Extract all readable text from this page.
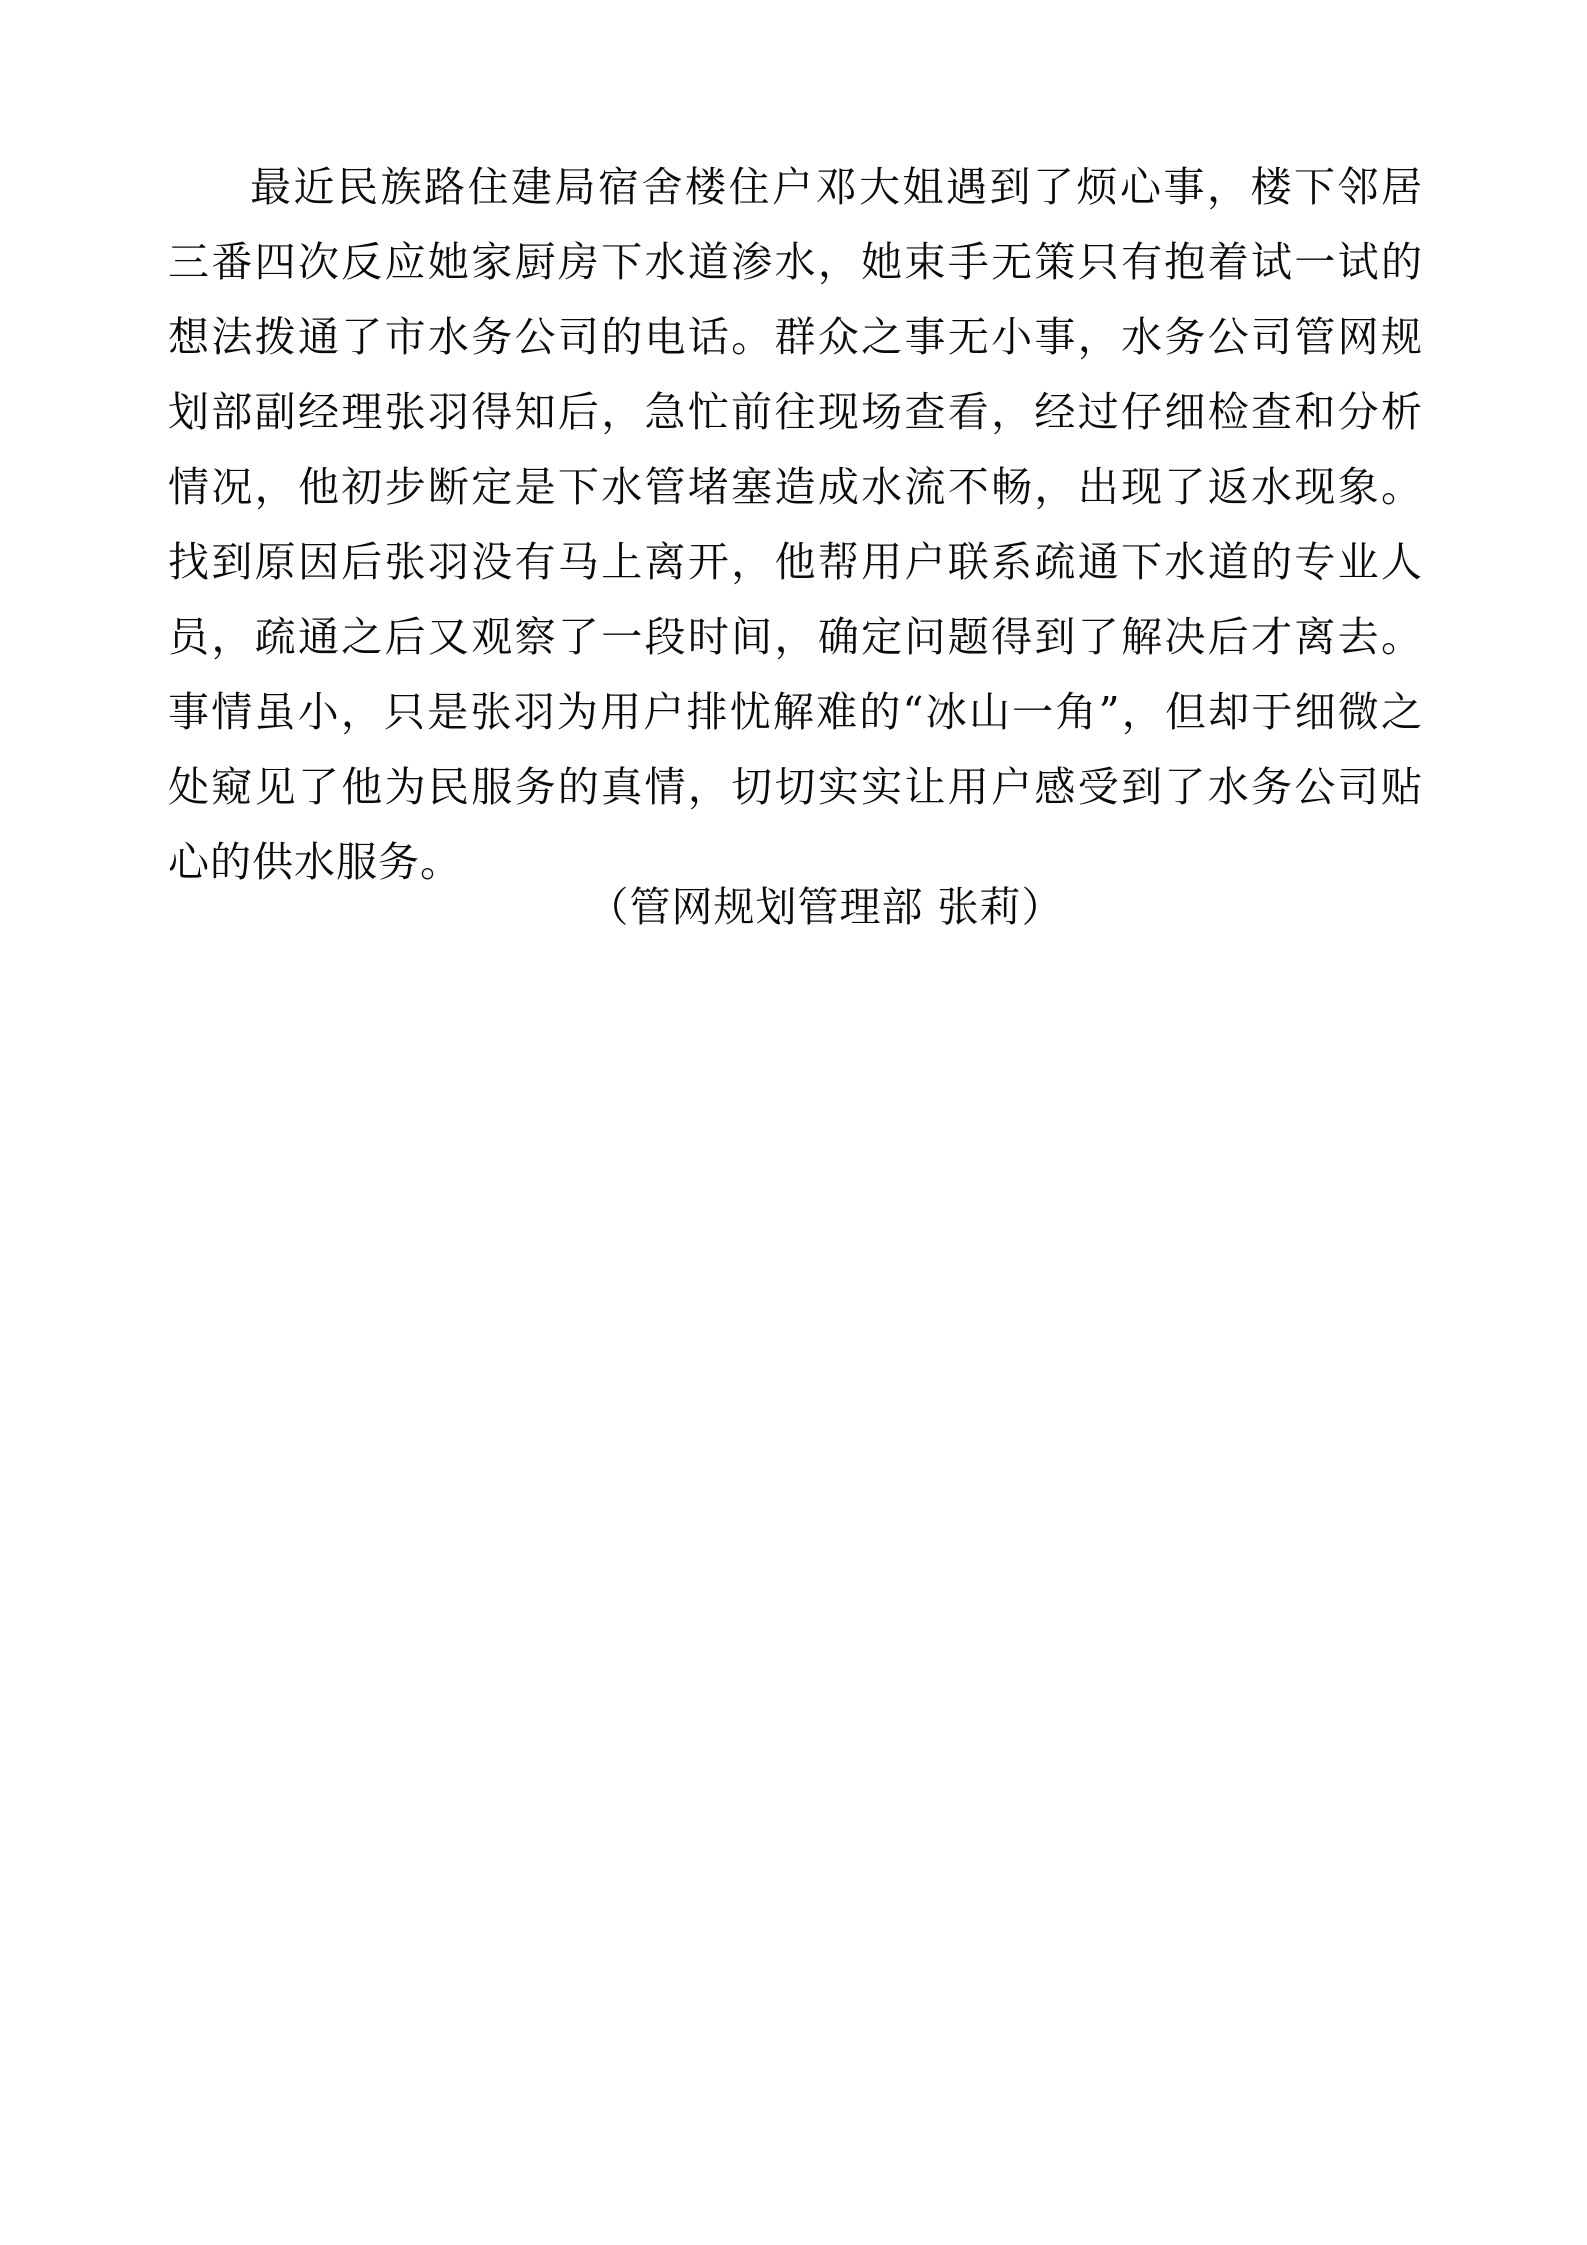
最近民族路住建局宿舍楼住户邓大姐遇到了烦心事，楼下邻居三番四次反应她家厨房下水道渗水，她束手无策只有抱着试一试的想法拨通了市水务公司的电话。群众之事无小事，水务公司管网规划部副经理张羽得知后，急忙前往现场查看，经过仔细检查和分析情况，他初步断定是下水管堵塞造成水流不畅，出现了返水现象。找到原因后张羽没有马上离开，他帮用户联系疏通下水道的专业人员，疏通之后又观察了一段时间，确定问题得到了解决后才离去。事情虽小，只是张羽为用户排忧解难的“冰山一角”，但却于细微之处窥见了他为民服务的真情，切切实实让用户感受到了水务公司贴心的供水服务。

（管网规划管理部 张莉）
